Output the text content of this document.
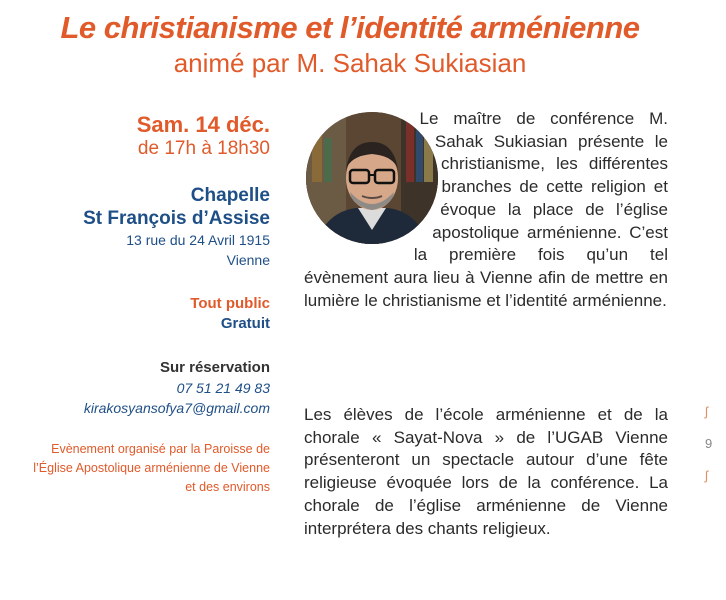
Le christianisme et l’identité arménienne
animé par M. Sahak Sukiasian
Sam. 14 déc.
de 17h à 18h30
Chapelle
St François d’Assise
13 rue du 24 Avril 1915
Vienne
Tout public
Gratuit
Sur réservation
07 51 21 49 83
kirakosyansofya7@gmail.com
Evènement organisé par la Paroisse de l’Église Apostolique arménienne de Vienne et des environs
Le maître de conférence M. Sahak Sukiasian présente le christianisme, les différentes branches de cette religion et évoque la place de l’église apostolique arménienne. C’est la première fois qu’un tel évènement aura lieu à Vienne afin de mettre en lumière le christianisme et l’identité arménienne.
Les élèves de l’école arménienne et de la chorale « Sayat-Nova » de l’UGAB Vienne présenteront un spectacle autour d’une fête religieuse évoquée lors de la conférence. La chorale de l’église arménienne de Vienne interprétera des chants religieux.
ʃ
9
ʃ
